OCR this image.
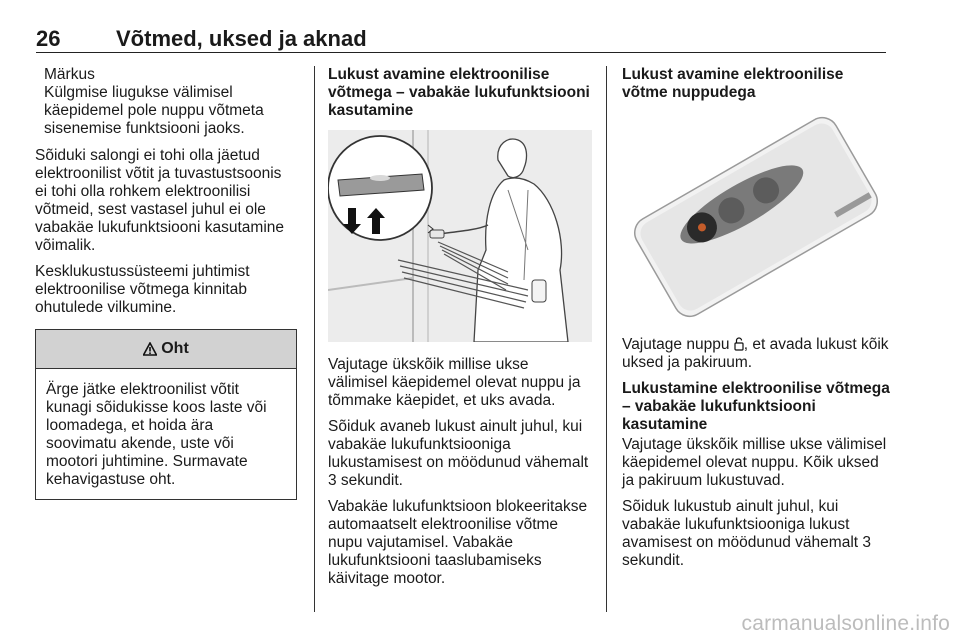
26	Võtmed, uksed ja aknad
Märkus
Külgmise liugukse välimisel käepidemel pole nuppu võtmeta sisenemise funktsiooni jaoks.

Sõiduki salongi ei tohi olla jäetud elektroonilist võtit ja tuvastustsoonis ei tohi olla rohkem elektroonilisi võtmeid, sest vastasel juhul ei ole vabakäe lukufunktsiooni kasutamine võimalik.

Kesklukustussüsteemi juhtimist elektroonilise võtmega kinnitab ohutulede vilkumine.

Oht
Ärge jätke elektroonilist võtit kunagi sõidukisse koos laste või loomadega, et hoida ära soovimatu akende, uste või mootori juhtimine. Surmavate kehavigastuse oht.
Lukust avamine elektroonilise võtmega – vabakäe lukufunktsiooni kasutamine

Vajutage ükskõik millise ukse välimisel käepidemel olevat nuppu ja tõmmake käepidet, et uks avada.

Sõiduk avaneb lukust ainult juhul, kui vabakäe lukufunktsiooniga lukustamisest on möödunud vähemalt 3 sekundit.

Vabakäe lukufunktsioon blokeeritakse automaatselt elektroonilise võtme nupu vajutamisel. Vabakäe lukufunktsiooni taaslubamiseks käivitage mootor.

Lukust avamine elektroonilise võtme nuppudega

Vajutage nuppu , et avada lukust kõik uksed ja pakiruum.

Lukustamine elektroonilise võtmega – vabakäe lukufunktsiooni kasutamine

Vajutage ükskõik millise ukse välimisel käepidemel olevat nuppu. Kõik uksed ja pakiruum lukustuvad.

Sõiduk lukustub ainult juhul, kui vabakäe lukufunktsiooniga lukust avamisest on möödunud vähemalt 3 sekundit.

carmanualsonline.info
